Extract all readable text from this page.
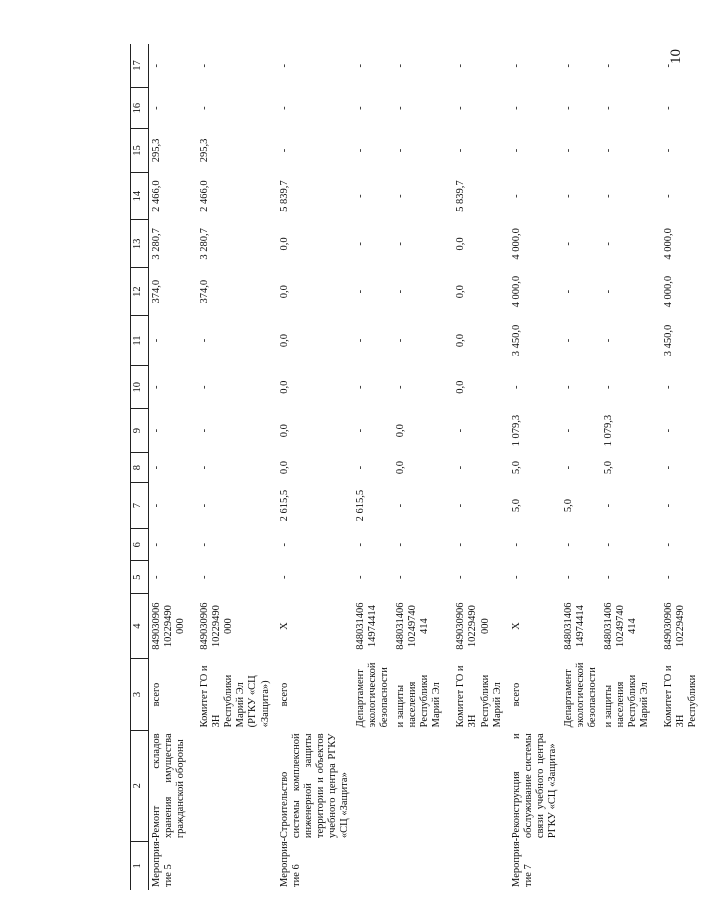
10
1	2	3	4	5	6	7	8	9	10	11	12	13	14	15	16	17
Мероприя-тие 5	Ремонт складов хранения имущества гражданской обороны	всего	849030906 10229490 000	-	-	-	-	-	-	-	374,0	3 280,7	2 466,0	295,3	-	-
		Комитет ГО и ЗН Республики Марий Эл (РГКУ «СЦ «Защита»)	849030906 10229490 000	-	-	-	-	-	-	-	374,0	3 280,7	2 466,0	295,3	-	-
Мероприя-тие 6	Строительство системы комплексной инженерной защиты территории и объектов учебного центра РГКУ «СЦ «Защита»	всего	X	-	-	2 615,5	0,0	0,0	0,0	0,0	0,0	0,0	5 839,7	-	-	-
		Департамент экологической безопасности	848031406 14974414	-	-	2 615,5	-	-	-	-	-	-	-	-	-	-
		и защиты населения Республики Марий Эл	848031406 10249740 414	-	-	-	0,0	0,0	-	-	-	-	-	-	-	-
		Комитет ГО и ЗН Республики Марий Эл	849030906 10229490 000	-	-	-	-	-	0,0	0,0	0,0	0,0	5 839,7	-	-	-
Мероприя-тие 7	Реконструкция и обслуживание системы связи учебного центра РГКУ «СЦ «Защита»	всего	X	-	-	5,0	5,0	1 079,3	-	3 450,0	4 000,0	4 000,0	-	-	-	-
		Департамент экологической безопасности	848031406 14974414	-	-	5,0	-	-	-	-	-	-	-	-	-	-
		и защиты населения Республики Марий Эл	848031406 10249740 414	-	-	-	5,0	1 079,3	-	-	-	-	-	-	-	-
		Комитет ГО и ЗН Республики	849030906 10229490	-	-	-	-	-	-	3 450,0	4 000,0	4 000,0	-	-	-	-
